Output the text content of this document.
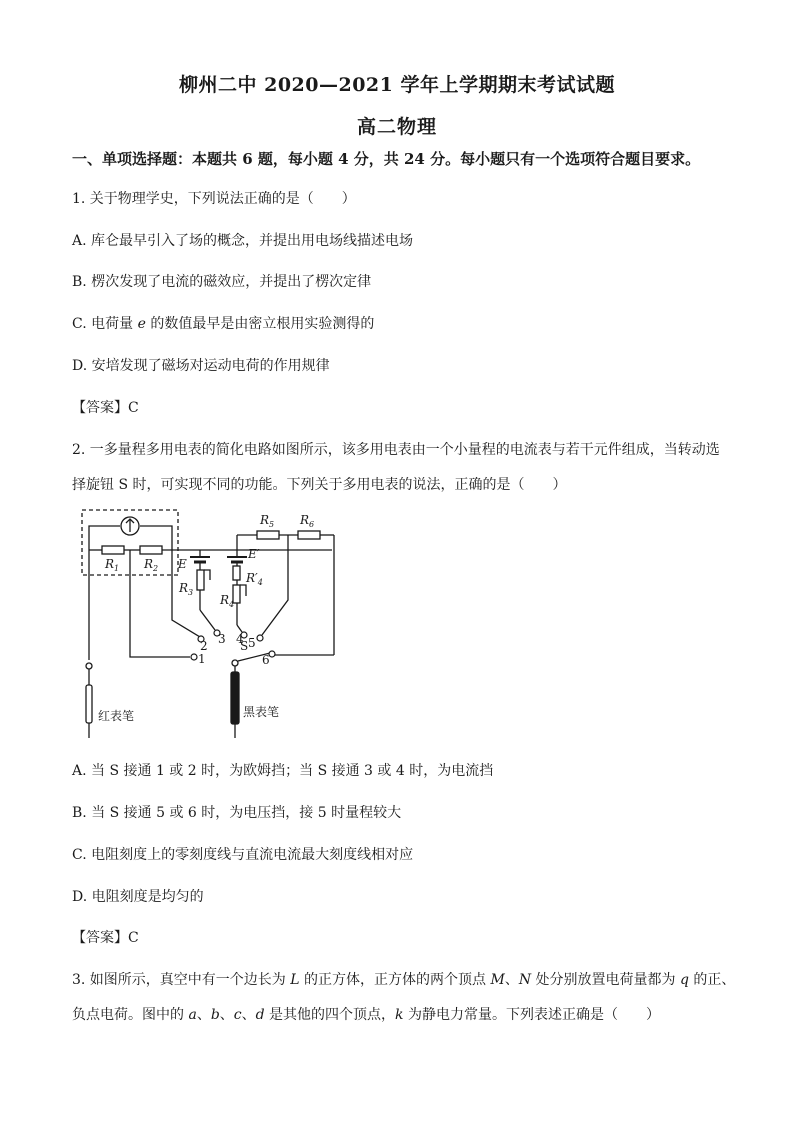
柳州二中 2020—2021 学年上学期期末考试试题
高二物理
一、单项选择题：本题共 6 题，每小题 4 分，共 24 分。每小题只有一个选项符合题目要求。
1. 关于物理学史，下列说法正确的是（　　）
A. 库仑最早引入了场的概念，并提出用电场线描述电场
B. 楞次发现了电流的磁效应，并提出了楞次定律
C. 电荷量 e 的数值最早是由密立根用实验测得的
D. 安培发现了磁场对运动电荷的作用规律
【答案】C
2. 一多量程多用电表的简化电路如图所示，该多用电表由一个小量程的电流表与若干元件组成，当转动选
择旋钮 S 时，可实现不同的功能。下列关于多用电表的说法，正确的是（　　）
$R_1$ $R_2$ E
$R_3$
E′
$R'_4$
$R_4$
$R_5$ $R_6$
1
2 3 4 5
6
S
红表笔	黑表笔
A. 当 S 接通 1 或 2 时，为欧姆挡；当 S 接通 3 或 4 时，为电流挡
B. 当 S 接通 5 或 6 时，为电压挡，接 5 时量程较大
C. 电阻刻度上的零刻度线与直流电流最大刻度线相对应
D. 电阻刻度是均匀的
【答案】C
3. 如图所示，真空中有一个边长为 L 的正方体，正方体的两个顶点 M、N 处分别放置电荷量都为 q 的正、
负点电荷。图中的 a、b、c、d 是其他的四个顶点，k 为静电力常量。下列表述正确是（　　）
